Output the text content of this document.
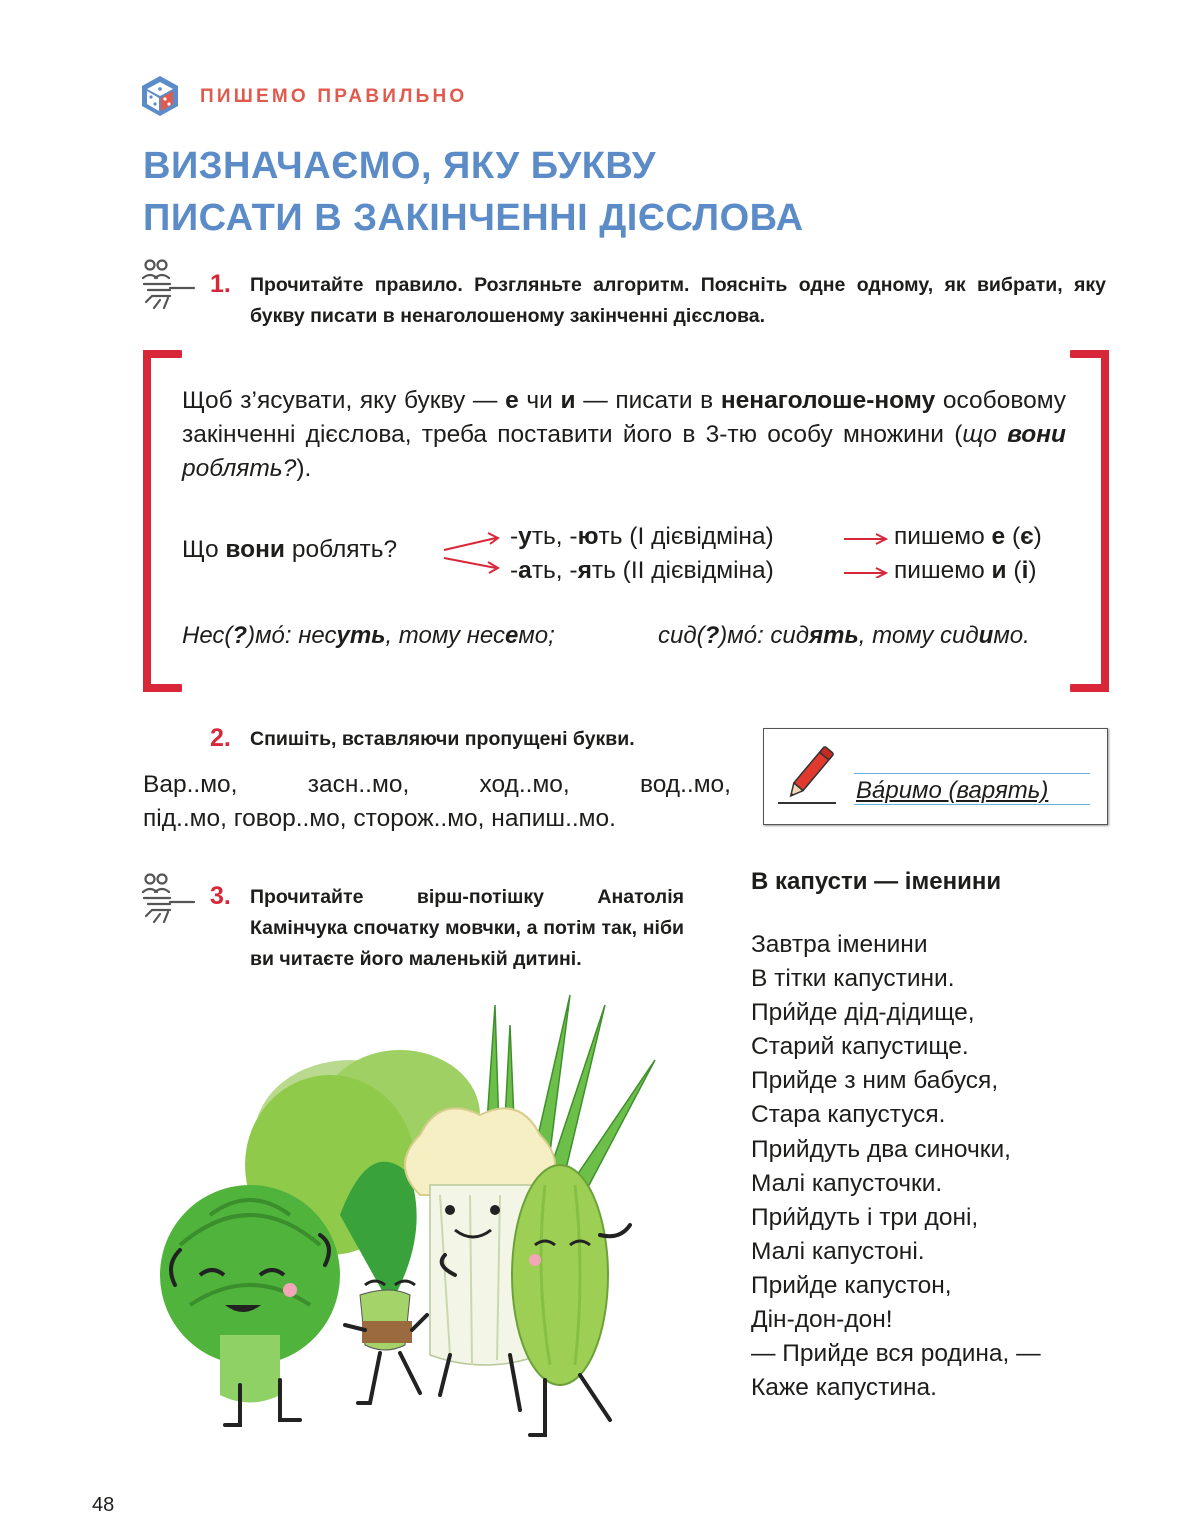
ПИШЕМО ПРАВИЛЬНО
ВИЗНАЧАЄМО, ЯКУ БУКВУ
ПИСАТИ В ЗАКІНЧЕННІ ДІЄСЛОВА
1. Прочитайте правило. Розгляньте алгоритм. Поясніть одне одному, як вибрати, яку букву писати в ненаголошеному закінченні дієслова.
Щоб з’ясувати, яку букву — е чи и — писати в ненаголоше-ному особовому закінченні дієслова, треба поставити його в 3-тю особу множини (що вони роблять?).
Що вони роблять?	-уть, -ють (І дієвідміна)
-ать, -ять (ІІ дієвідміна)
пишемо е (є)
пишемо и (і)
Нес(?)мо́: несуть, тому несемо;	сид(?)мо́: сидять, тому сидимо.
2. Спишіть, вставляючи пропущені букви.
Вар..мо, засн..мо, ход..мо, вод..мо,
під..мо, говор..мо, сторож..мо, напиш..мо.
Ва́римо (варять)
3. Прочитайте вірш-потішку Анатолія Камінчука спочатку мовчки, а потім так, ніби ви читаєте його маленькій дитині.
В капусти — іменини
Завтра іменини
В тітки капустини.
При́йде дід-дідище,
Старий капустище.
Прийде з ним бабуся,
Стара капустуся.
Прийдуть два синочки,
Малі капусточки.
При́йдуть і три доні,
Малі капустоні.
Прийде капустон,
Дін-дон-дон!
— Прийде вся родина, —
Каже капустина.
48
